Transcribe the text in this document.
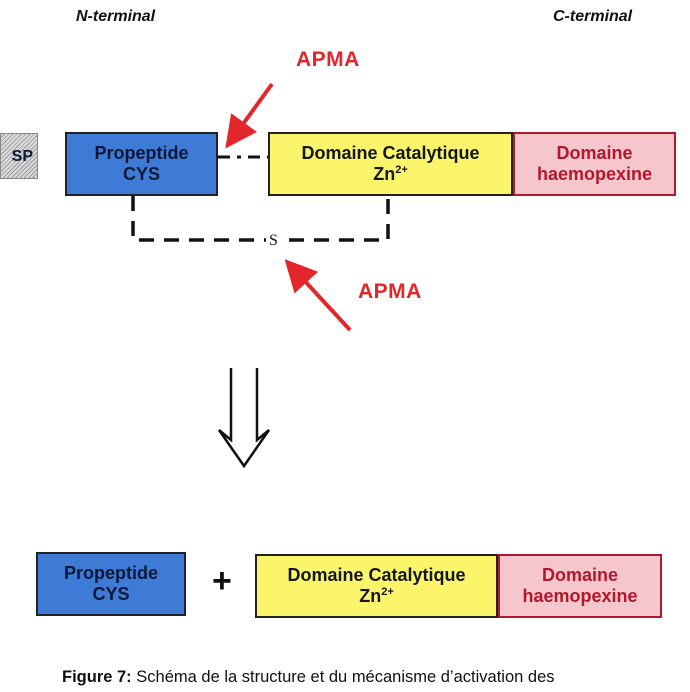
N-terminal	C-terminal
APMA
APMA
S
SP	Propeptide
CYS
Domaine Catalytique
$Zn^{2+}$
Domaine
haemopexine
Propeptide
CYS +	Domaine Catalytique
$Zn^{2+}$
Domaine
haemopexine
Figure 7: Schéma de la structure et du mécanisme d’activation des
